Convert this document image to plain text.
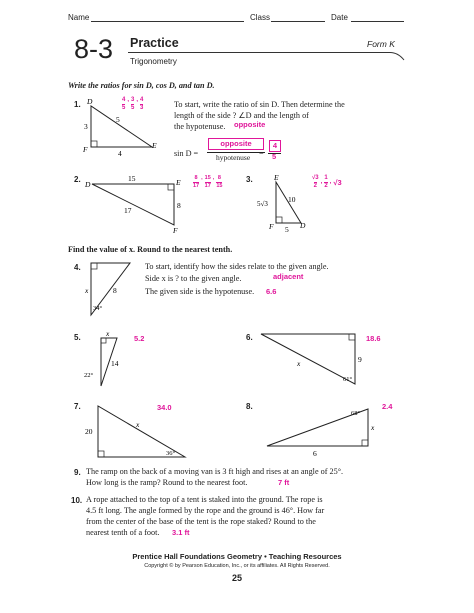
Name	Class	Date
8-3 Practice	Form K
Trigonometry
Write the ratios for sin D, cos D, and tan D.
1. D
F	E
3
5
4
4
5
, 3
5
, 4
3	To start, write the ratio of sin D. Then determine the
length of the side ? ∠D and the length of
the hypotenuse. opposite
sin D =
opposite
hypotenuse =
4
5
2.
D	E
F
15
17
8
8
17
, 15
17
, 8
15
3.	E
F	D
5√3	10
5
√3
2
,
1
2
, √3
Find the value of x. Round to the nearest tenth.
4.
x	8
34°
To start, identify how the sides relate to the given angle.
Side x is ? to the given angle.	adjacent
The given side is the hypotenuse. 6.6
5.	x
14
22°
5.2	6.
x	9
61°
18.6
7.
20
x
36°
34.0	8.
68°
x
6
2.4
9. The ramp on the back of a moving van is 3 ft high and rises at an angle of 25°.
How long is the ramp? Round to the nearest foot.	7 ft
10. A rope attached to the top of a tent is staked into the ground. The rope is
4.5 ft long. The angle formed by the rope and the ground is 46°. How far
from the center of the base of the tent is the rope staked? Round to the
nearest tenth of a foot. 3.1 ft
Prentice Hall Foundations Geometry • Teaching Resources
Copyright © by Pearson Education, Inc., or its affiliates. All Rights Reserved.
25
